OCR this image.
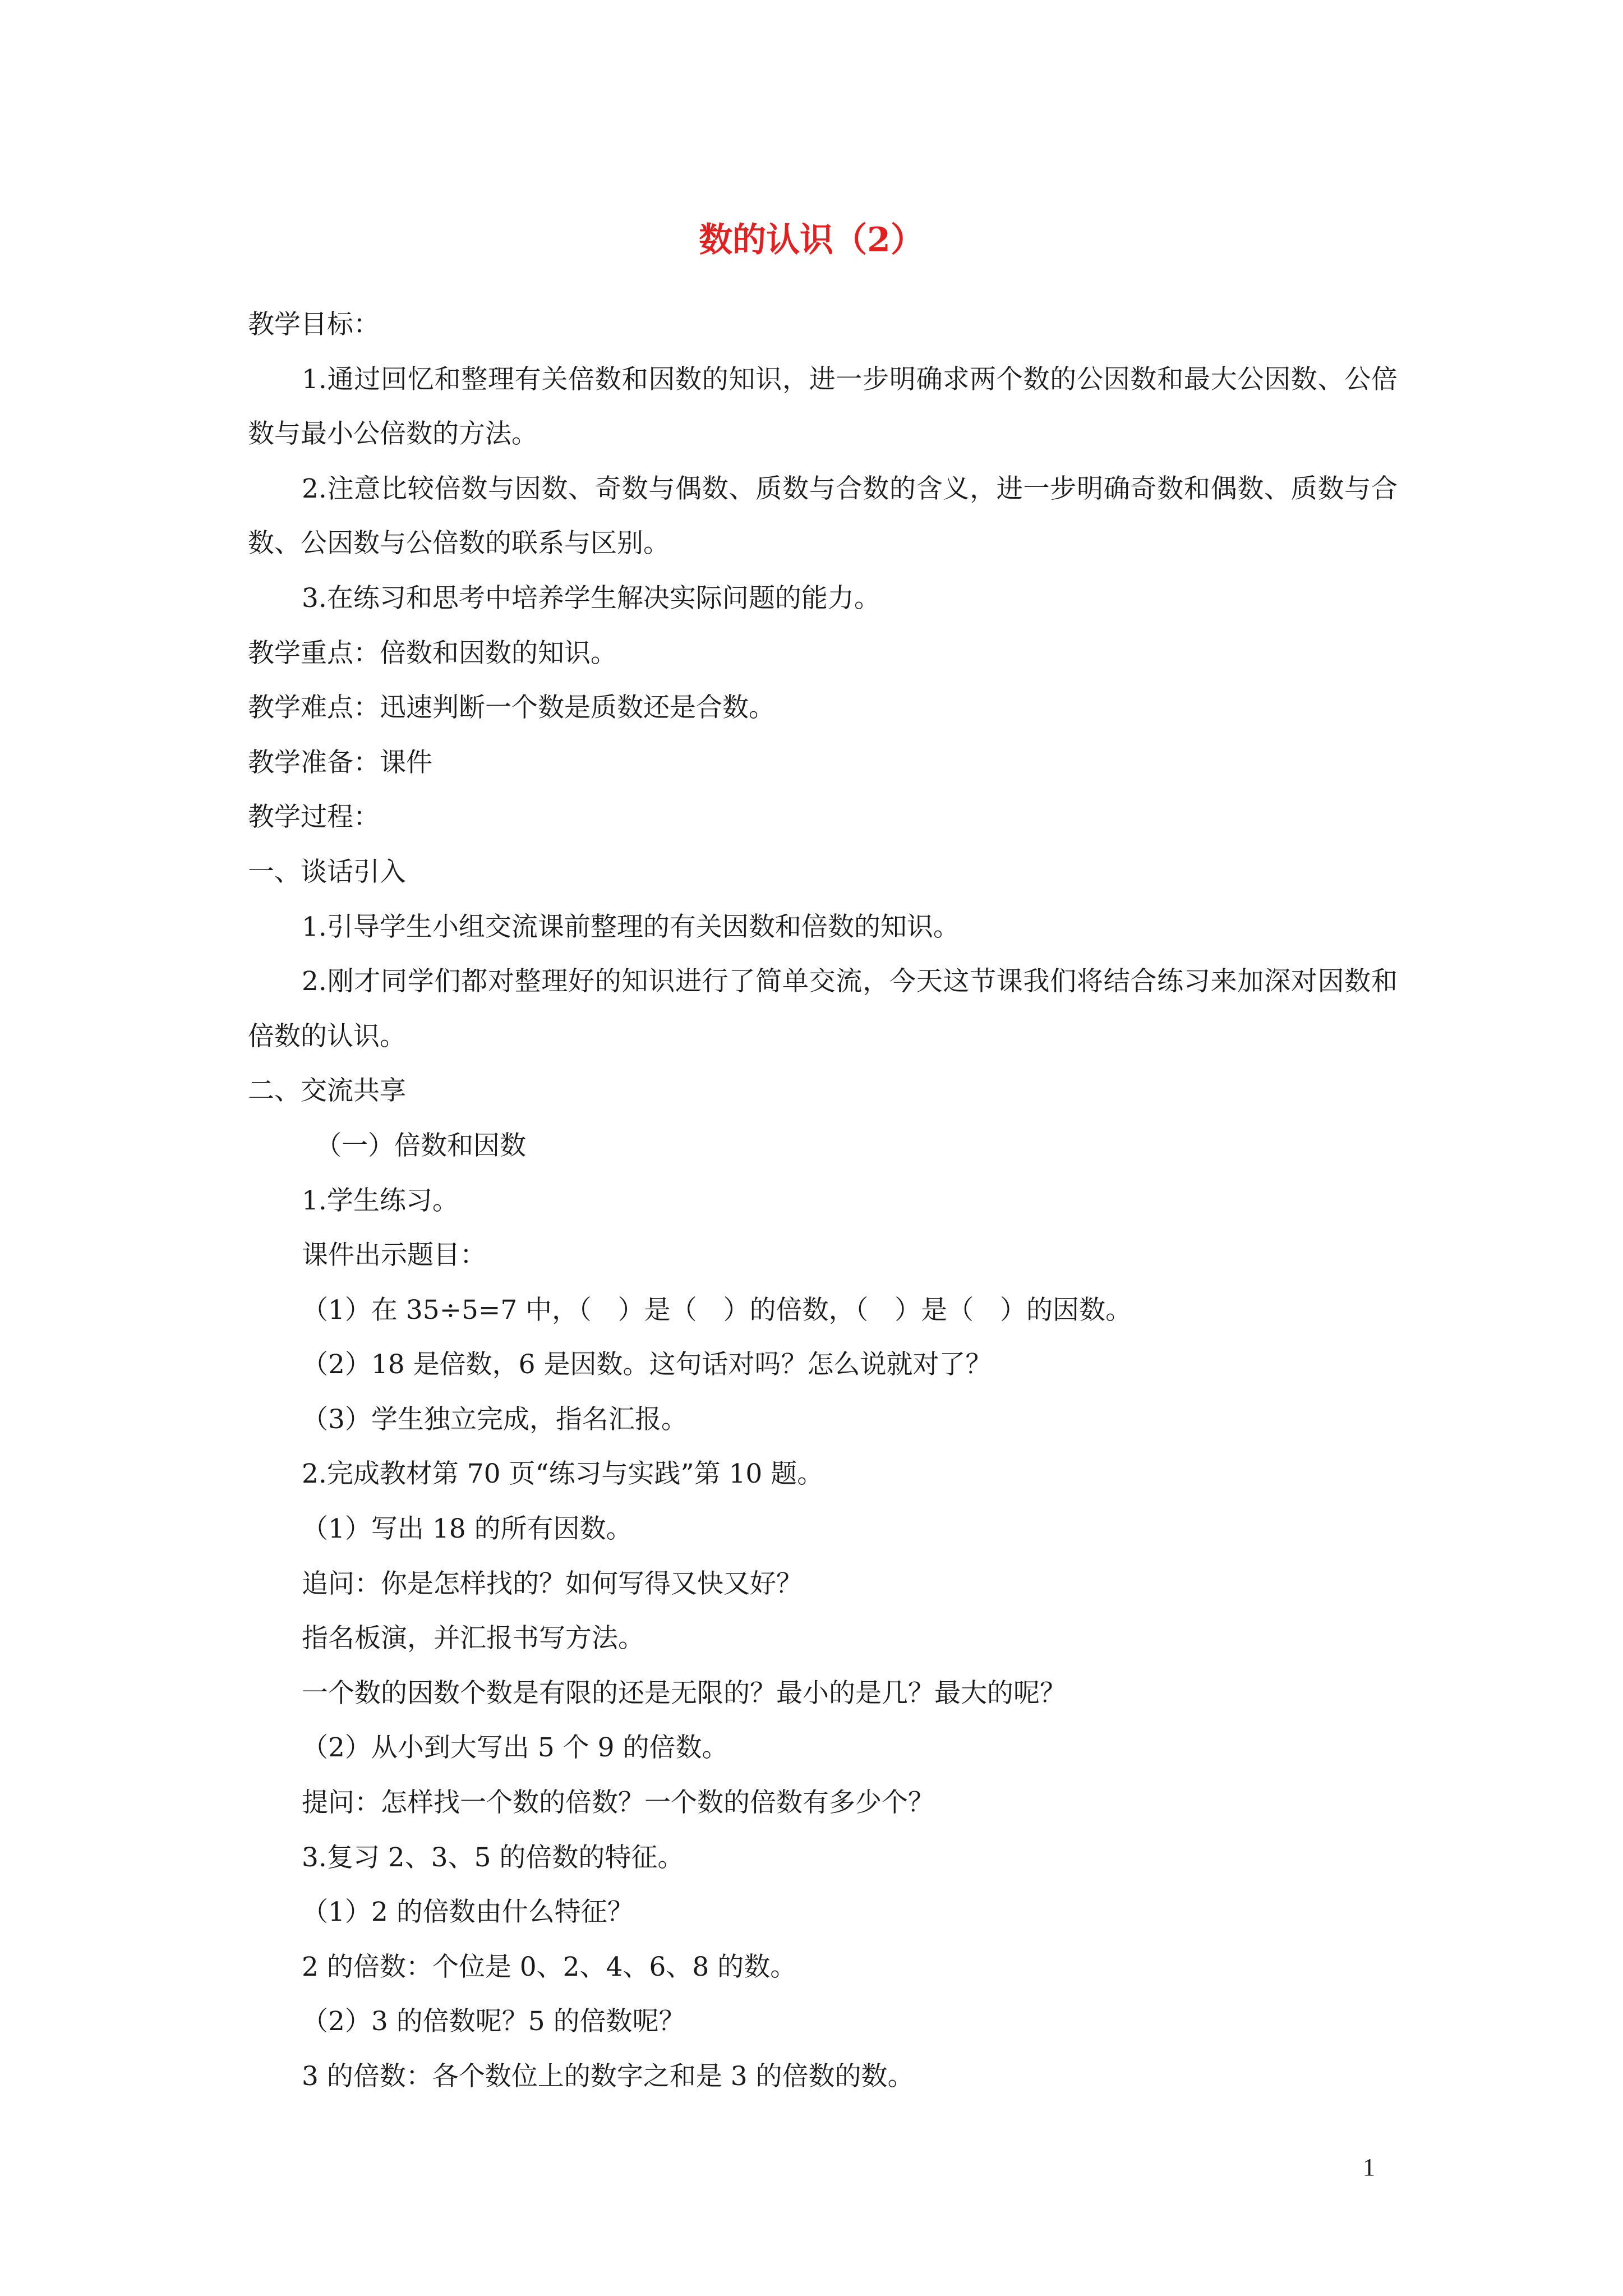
数的认识（2）

教学目标：

1.通过回忆和整理有关倍数和因数的知识，进一步明确求两个数的公因数和最大公因数、公倍数与最小公倍数的方法。

2.注意比较倍数与因数、奇数与偶数、质数与合数的含义，进一步明确奇数和偶数、质数与合数、公因数与公倍数的联系与区别。

3.在练习和思考中培养学生解决实际问题的能力。

教学重点：倍数和因数的知识。

教学难点：迅速判断一个数是质数还是合数。

教学准备：课件

教学过程：

一、谈话引入

1.引导学生小组交流课前整理的有关因数和倍数的知识。

2.刚才同学们都对整理好的知识进行了简单交流，今天这节课我们将结合练习来加深对因数和倍数的认识。

二、交流共享

（一）倍数和因数

1.学生练习。

课件出示题目：

（1）在 35÷5=7 中，（　）是（　）的倍数，（　）是（　）的因数。

（2）18 是倍数，6 是因数。这句话对吗？怎么说就对了？

（3）学生独立完成，指名汇报。

2.完成教材第 70 页“练习与实践”第 10 题。

（1）写出 18 的所有因数。

追问：你是怎样找的？如何写得又快又好？

指名板演，并汇报书写方法。

一个数的因数个数是有限的还是无限的？最小的是几？最大的呢？

（2）从小到大写出 5 个 9 的倍数。

提问：怎样找一个数的倍数？一个数的倍数有多少个？

3.复习 2、3、5 的倍数的特征。

（1）2 的倍数由什么特征？

2 的倍数：个位是 0、2、4、6、8 的数。

（2）3 的倍数呢？5 的倍数呢？

3 的倍数：各个数位上的数字之和是 3 的倍数的数。

1
